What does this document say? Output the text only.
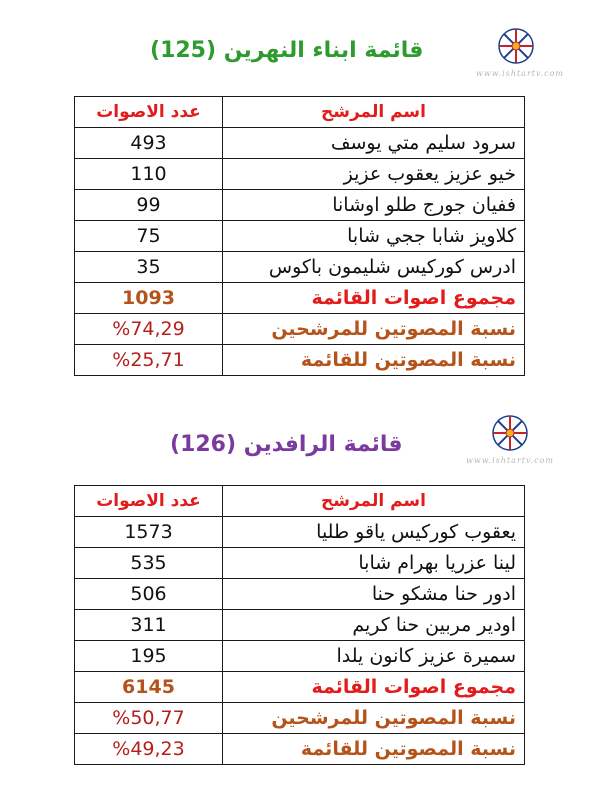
قائمة ابناء النهرين (125)
www.ishtartv.com
اسم المرشح	عدد الاصوات
سرود سليم متي يوسف	493
خيو عزيز يعقوب عزيز	110
ففيان جورج طلو اوشانا	99
كلاويز شابا ججي شابا	75
ادرس كوركيس شليمون باكوس	35
مجموع اصوات القائمة	1093
نسبة المصوتين للمرشحين	%74,29
نسبة المصوتين للقائمة	%25,71
قائمة الرافدين (126)
www.ishtartv.com
اسم المرشح	عدد الاصوات
يعقوب كوركيس ياقو طليا	1573
لينا عزريا بهرام شابا	535
ادور حنا مشكو حنا	506
اودير مربين حنا كريم	311
سميرة عزيز كانون يلدا	195
مجموع اصوات القائمة	6145
نسبة المصوتين للمرشحين	%50,77
نسبة المصوتين للقائمة	%49,23
